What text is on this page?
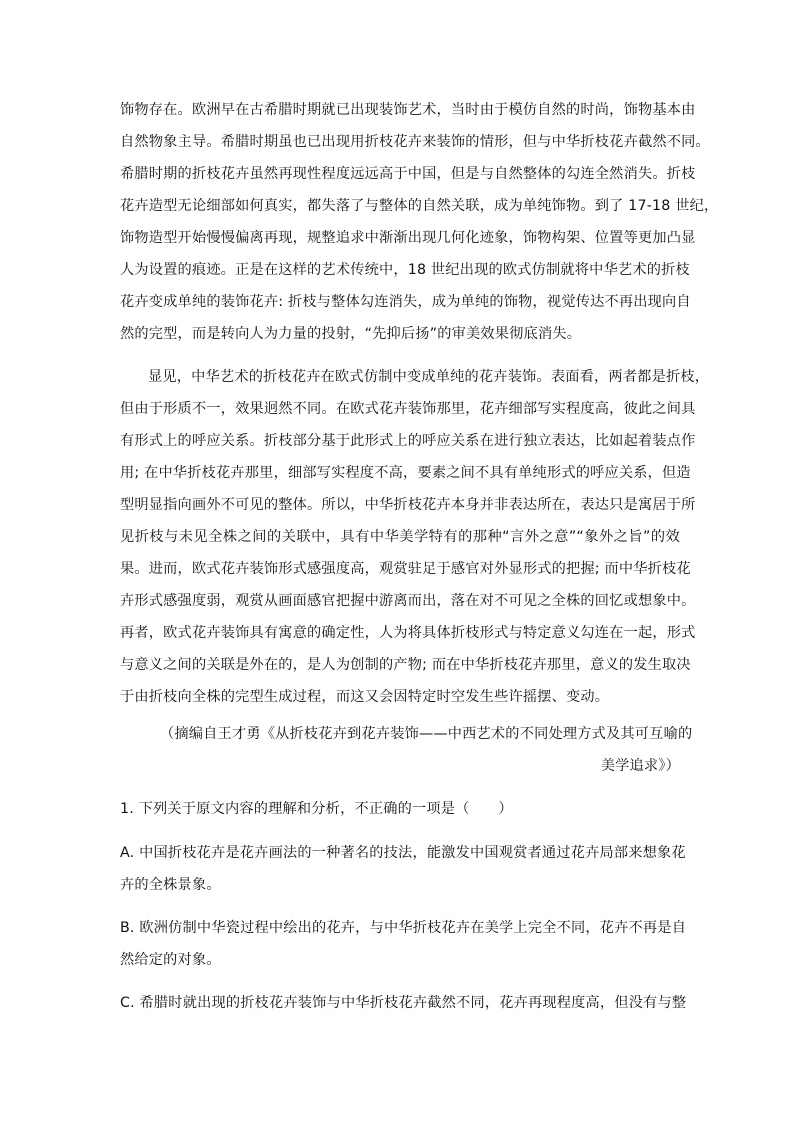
饰物存在。欧洲早在古希腊时期就已出现装饰艺术，当时由于模仿自然的时尚，饰物基本由
自然物象主导。希腊时期虽也已出现用折枝花卉来装饰的情形，但与中华折枝花卉截然不同。
希腊时期的折枝花卉虽然再现性程度远远高于中国，但是与自然整体的勾连全然消失。折枝
花卉造型无论细部如何真实，都失落了与整体的自然关联，成为单纯饰物。到了 17-18 世纪，
饰物造型开始慢慢偏离再现，规整追求中渐渐出现几何化迹象，饰物构架、位置等更加凸显
人为设置的痕迹。正是在这样的艺术传统中，18 世纪出现的欧式仿制就将中华艺术的折枝
花卉变成单纯的装饰花卉: 折枝与整体勾连消失，成为单纯的饰物，视觉传达不再出现向自
然的完型，而是转向人为力量的投射，“先抑后扬”的审美效果彻底消失。
显见，中华艺术的折枝花卉在欧式仿制中变成单纯的花卉装饰。表面看，两者都是折枝，
但由于形质不一，效果迥然不同。在欧式花卉装饰那里，花卉细部写实程度高，彼此之间具
有形式上的呼应关系。折枝部分基于此形式上的呼应关系在进行独立表达，比如起着装点作
用; 在中华折枝花卉那里，细部写实程度不高，要素之间不具有单纯形式的呼应关系，但造
型明显指向画外不可见的整体。所以，中华折枝花卉本身并非表达所在，表达只是寓居于所
见折枝与未见全株之间的关联中，具有中华美学特有的那种“言外之意”“象外之旨”的效
果。进而，欧式花卉装饰形式感强度高，观赏驻足于感官对外显形式的把握; 而中华折枝花
卉形式感强度弱，观赏从画面感官把握中游离而出，落在对不可见之全株的回忆或想象中。
再者，欧式花卉装饰具有寓意的确定性，人为将具体折枝形式与特定意义勾连在一起，形式
与意义之间的关联是外在的，是人为创制的产物; 而在中华折枝花卉那里，意义的发生取决
于由折枝向全株的完型生成过程，而这又会因特定时空发生些许摇摆、变动。
（摘编自王才勇《从折枝花卉到花卉装饰——中西艺术的不同处理方式及其可互喻的
美学追求》）
1. 下列关于原文内容的理解和分析，不正确的一项是（　　）
A. 中国折枝花卉是花卉画法的一种著名的技法，能激发中国观赏者通过花卉局部来想象花
卉的全株景象。
B. 欧洲仿制中华瓷过程中绘出的花卉，与中华折枝花卉在美学上完全不同，花卉不再是自
然给定的对象。
C. 希腊时就出现的折枝花卉装饰与中华折枝花卉截然不同，花卉再现程度高，但没有与整
